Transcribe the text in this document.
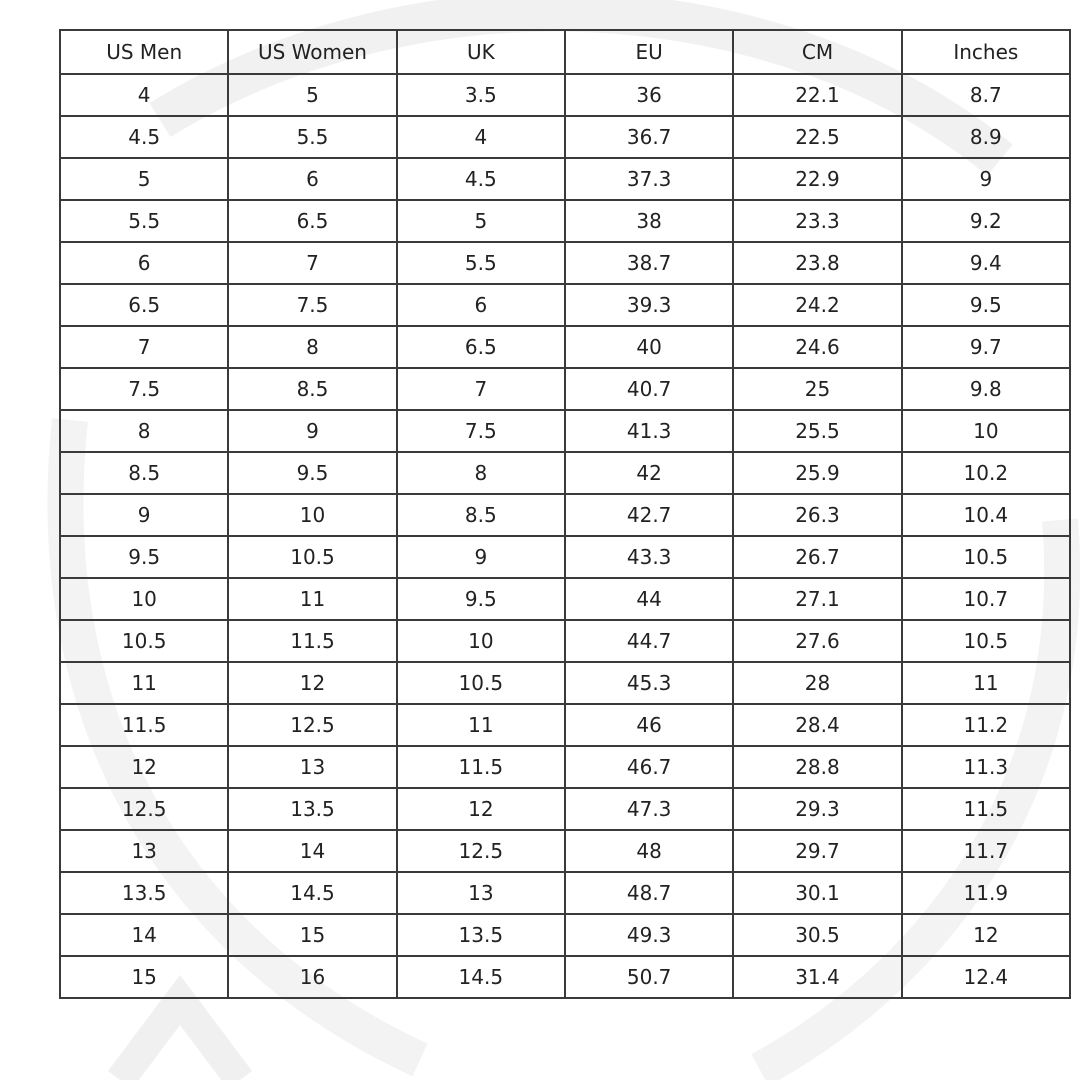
US Men	US Women	UK	EU	CM	Inches
4	5	3.5	36	22.1	8.7
4.5	5.5	4	36.7	22.5	8.9
5	6	4.5	37.3	22.9	9
5.5	6.5	5	38	23.3	9.2
6	7	5.5	38.7	23.8	9.4
6.5	7.5	6	39.3	24.2	9.5
7	8	6.5	40	24.6	9.7
7.5	8.5	7	40.7	25	9.8
8	9	7.5	41.3	25.5	10
8.5	9.5	8	42	25.9	10.2
9	10	8.5	42.7	26.3	10.4
9.5	10.5	9	43.3	26.7	10.5
10	11	9.5	44	27.1	10.7
10.5	11.5	10	44.7	27.6	10.5
11	12	10.5	45.3	28	11
11.5	12.5	11	46	28.4	11.2
12	13	11.5	46.7	28.8	11.3
12.5	13.5	12	47.3	29.3	11.5
13	14	12.5	48	29.7	11.7
13.5	14.5	13	48.7	30.1	11.9
14	15	13.5	49.3	30.5	12
15	16	14.5	50.7	31.4	12.4
